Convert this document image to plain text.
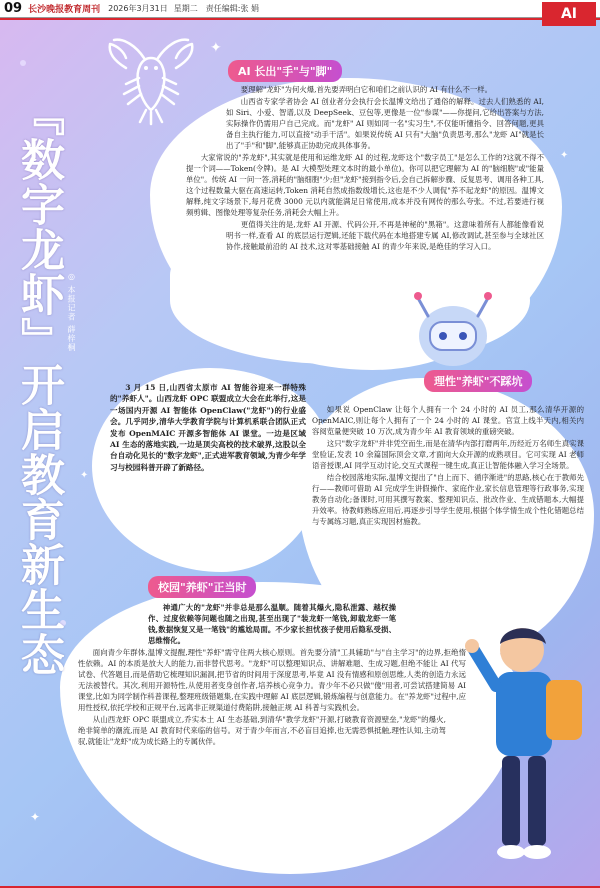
09 长沙晚报教育周刊 2026年3月31日 星期二 责任编辑:张 娟	AI
✦
✦
✦
✦
『数字龙虾』开启教育新生态 ◎ 本报记者 薛梓桐
AI 长出"手"与"脚"

要理解"龙虾"为何火爆,首先要弄明白它和咱们之前认识的 AI 有什么不一样。

山西省专家学者协会 AI 创业者分会执行会长温博文给出了通俗的解释。过去人们熟悉的 AI,如 Siri、小爱、智谱,以及 DeepSeek、豆包等,更像是一位"参谋"——你提问,它给出答案与方法,实际操作仍需用户自己完成。而"龙虾" AI 则如同一名"实习生",不仅能听懂指令、回答问题,更具备自主执行能力,可以直接"动手干活"。如果说传统 AI 只有"大脑"负责思考,那么"龙虾 AI"就是长出了"手"和"脚",能够真正协助完成具体事务。

大家常说的"养龙虾",其实就是使用和运维龙虾 AI 的过程,龙虾这个"数字员工"是怎么工作的?这就不得不提一个词——Token(令牌)。是 AI 大模型处理文本时的最小单位)。你可以把它理解为 AI 的"脑细胞"或"能量单位"。传统 AI 一问一答,消耗的"脑细胞"少;但"龙虾"接到指令后,会自己拆解步骤、反复思考、调用各种工具,这个过程数量大驱在高速运转,Token 消耗自然成指数级增长,这也是不少人调侃"养不起龙虾"的原因。温博文解释,纯文字场景下,每月花费 3000 元以内就能满足日常使用,成本并没有网传的那么夸张。不过,若要进行视频剪辑、图像处理等复杂任务,消耗会大幅上升。

更值得关注的是,龙虾 AI 开源、代码公开,不再是神秘的"黑箱"。这意味着所有人都能像看说明书一样,查看 AI 的底层运行逻辑,还能下载代码在本地搭建专属 AI,修改调试,甚至参与全球社区协作,接触最前沿的 AI 技术,这对零基础接触 AI 的青少年来说,是绝佳的学习入口。

3 月 15 日,山西省太原市 AI 智能谷迎来一群特殊的"养虾人"。山西龙虾 OPC 联盟成立大会在此举行,这是一场国内开源 AI 智能体 OpenClaw("龙虾")的行业盛会。几乎同步,清华大学教育学院与计算机系联合团队正式发布 OpenMAIC 开源多智能体 AI 课堂。一边是区域 AI 生态的落地实践,一边是顶尖高校的技术破界,这股以全台自动化见长的"数字龙虾",正式进军教育领域,为青少年学习与校园科普开辟了新路径。

理性"养虾"不踩坑

如果说 OpenClaw 让每个人拥有一个 24 小时的 AI 员工,那么清华开源的 OpenMAIC,则让每个人拥有了一个 24 小时的 AI 课堂。官宣上线半天内,相关内容阅览量便突破 10 万次,成为青少年 AI 教育领域的重磅突破。

这只"数字龙虾"并非凭空而生,而是在清华内部打磨两年,历经近万名师生真实课堂验证,发表 10 余篇国际顶会文章,才面向大众开源的成熟项目。它可实现 AI 老师语音授课,AI 同学互动讨论,交互式课程一键生成,真正让智能体融入学习全场景。

结合校园落地实际,温博文提出了"自上而下、循序渐进"的思路,核心在于教师先行——教师可借助 AI 完成学生讲假操作、家庭作业,家长信息管理等行政事务,实现教务自动化;备课时,可用其撰写教案、整理知识点、批改作业、生成错题本,大幅提升效率。待教师熟练应用后,再逐步引导学生使用,根据个体学情生成个性化错题总结与专属练习题,真正实现因材施教。

校园"养虾"正当时

神通广大的"龙虾"并非总是那么温顺。随着其爆火,隐私泄露、越权操作、过度依赖等问题也随之出现,甚至出现了"装龙虾一笔钱,卸载龙虾一笔钱,数据恢复又是一笔钱"的尴尬局面。不少家长担忧孩子使用后隐私受损、思维惰化。

面向青少年群体,温博文提醒,理性"养虾"需守住两大核心原则。首先要分清"工具辅助"与"自主学习"的边界,拒绝惰性依赖。AI 的本质是放大人的能力,而非替代思考。"龙虾"可以整理知识点、讲解难题、生成习题,但绝不能让 AI 代写试卷、代答题目,而是借助它梳理知识漏洞,把节省的时间用于深度思考,毕竟 AI 没有情感和原创思维,人类的创造力永远无法被替代。其次,利用开源特性,从使用者变身创作者,培养核心竞争力。青少年不必只做"傻"用者,可尝试搭建简易 AI 课堂,比如为同学制作科普课程,整理班级错题集,在实践中理解 AI 底层逻辑,锻炼编程与创意能力。在"养龙虾"过程中,应用性授权,依托学校和正规平台,远离非正规渠道付费陷阱,接触正规 AI 科普与实践机会。

从山西龙虾 OPC 联盟成立,乔实本土 AI 生态基础,到清华"教学龙虾"开源,打破教育资源壁垒,"龙虾"的爆火,绝非简单的潮流,而是 AI 教育时代来临的信号。对于青少年而言,不必盲目追捧,也无需恐惧抵触,理性认知,主动驾驭,就能让"龙虾"成为成长路上的专属伙伴。
